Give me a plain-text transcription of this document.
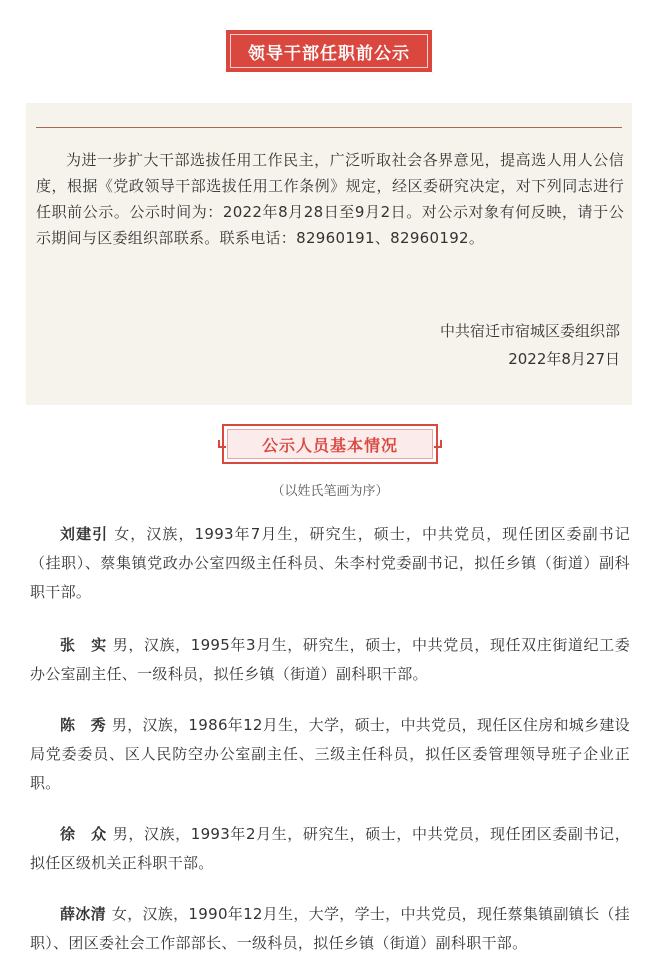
领导干部任职前公示
为进一步扩大干部选拔任用工作民主，广泛听取社会各界意见，提高选人用人公信度，根据《党政领导干部选拔任用工作条例》规定，经区委研究决定，对下列同志进行任职前公示。公示时间为：2022年8月28日至9月2日。对公示对象有何反映，请于公示期间与区委组织部联系。联系电话：82960191、82960192。
中共宿迁市宿城区委组织部
2022年8月27日
公示人员基本情况
（以姓氏笔画为序）

刘建引 女，汉族，1993年7月生，研究生，硕士，中共党员，现任团区委副书记（挂职）、蔡集镇党政办公室四级主任科员、朱李村党委副书记，拟任乡镇（街道）副科职干部。

张　实 男，汉族，1995年3月生，研究生，硕士，中共党员，现任双庄街道纪工委办公室副主任、一级科员，拟任乡镇（街道）副科职干部。

陈　秀 男，汉族，1986年12月生，大学，硕士，中共党员，现任区住房和城乡建设局党委委员、区人民防空办公室副主任、三级主任科员，拟任区委管理领导班子企业正职。

徐　众 男，汉族，1993年2月生，研究生，硕士，中共党员，现任团区委副书记，拟任区级机关正科职干部。

薛冰清 女，汉族，1990年12月生，大学，学士，中共党员，现任蔡集镇副镇长（挂职）、团区委社会工作部部长、一级科员，拟任乡镇（街道）副科职干部。
